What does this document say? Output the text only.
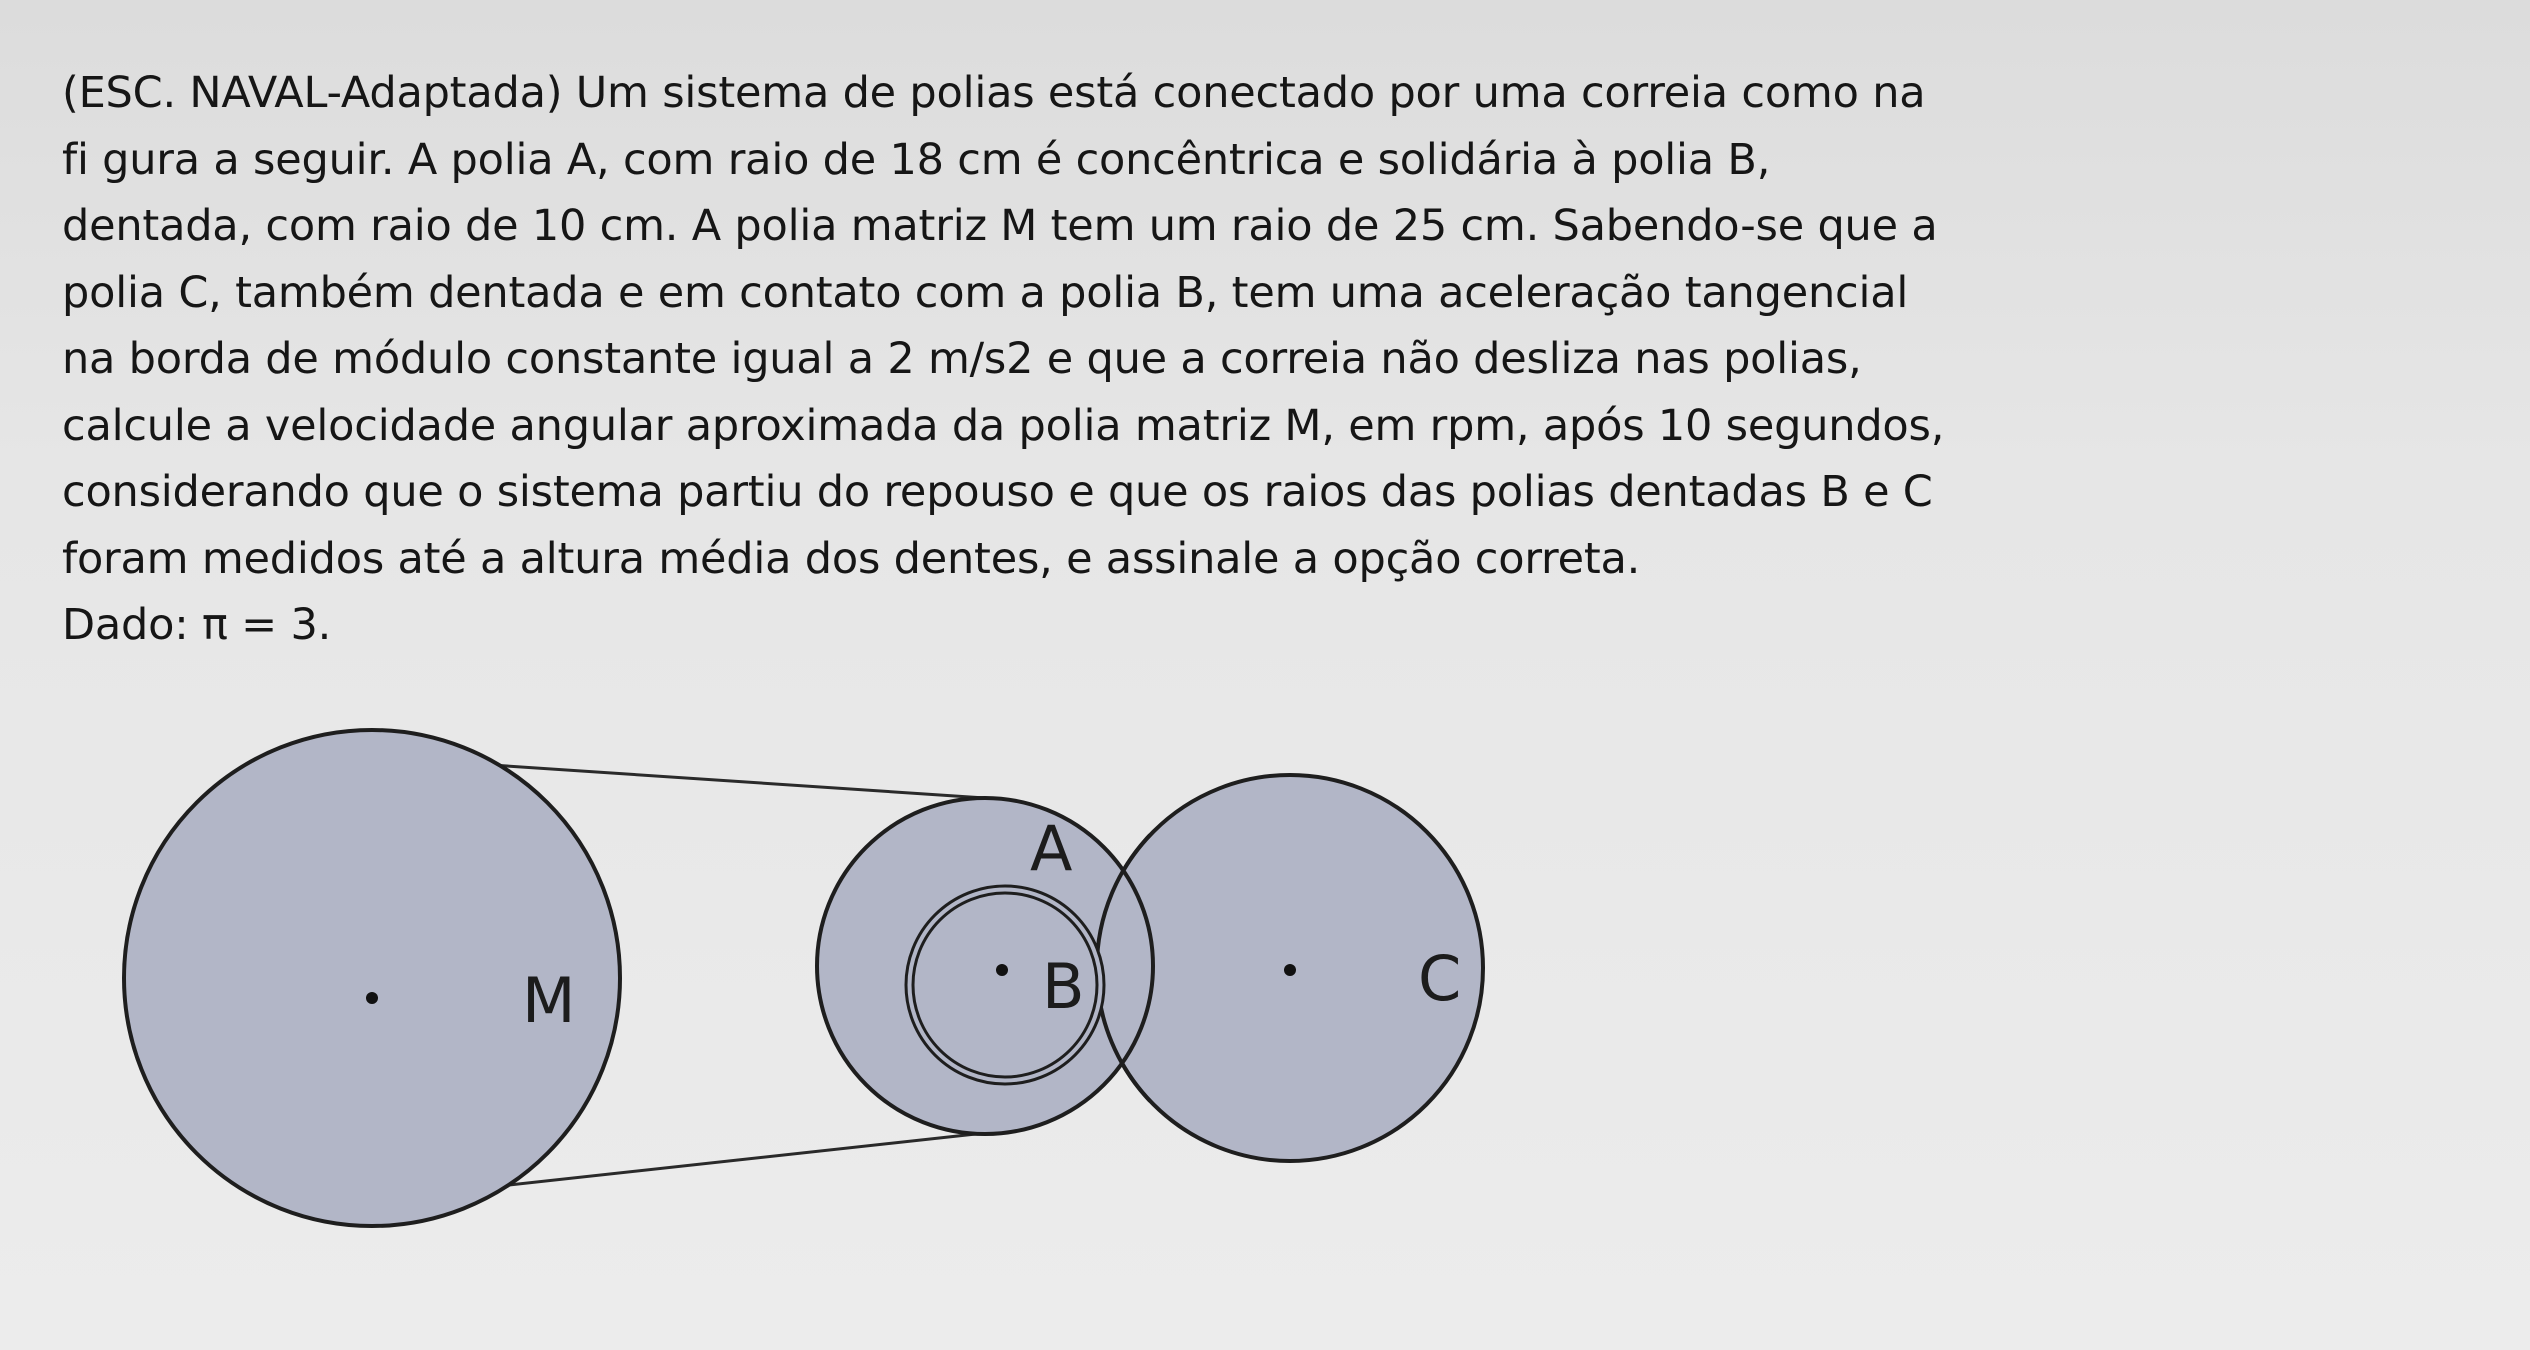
(ESC. NAVAL-Adaptada) Um sistema de polias está conectado por uma correia como na
fi gura a seguir. A polia A, com raio de 18 cm é concêntrica e solidária à polia B,
dentada, com raio de 10 cm. A polia matriz M tem um raio de 25 cm. Sabendo-se que a
polia C, também dentada e em contato com a polia B, tem uma aceleração tangencial
na borda de módulo constante igual a 2 m/s2 e que a correia não desliza nas polias,
calcule a velocidade angular aproximada da polia matriz M, em rpm, após 10 segundos,
considerando que o sistema partiu do repouso e que os raios das polias dentadas B e C
foram medidos até a altura média dos dentes, e assinale a opção correta.
Dado: π = 3.
M
A
B	C
